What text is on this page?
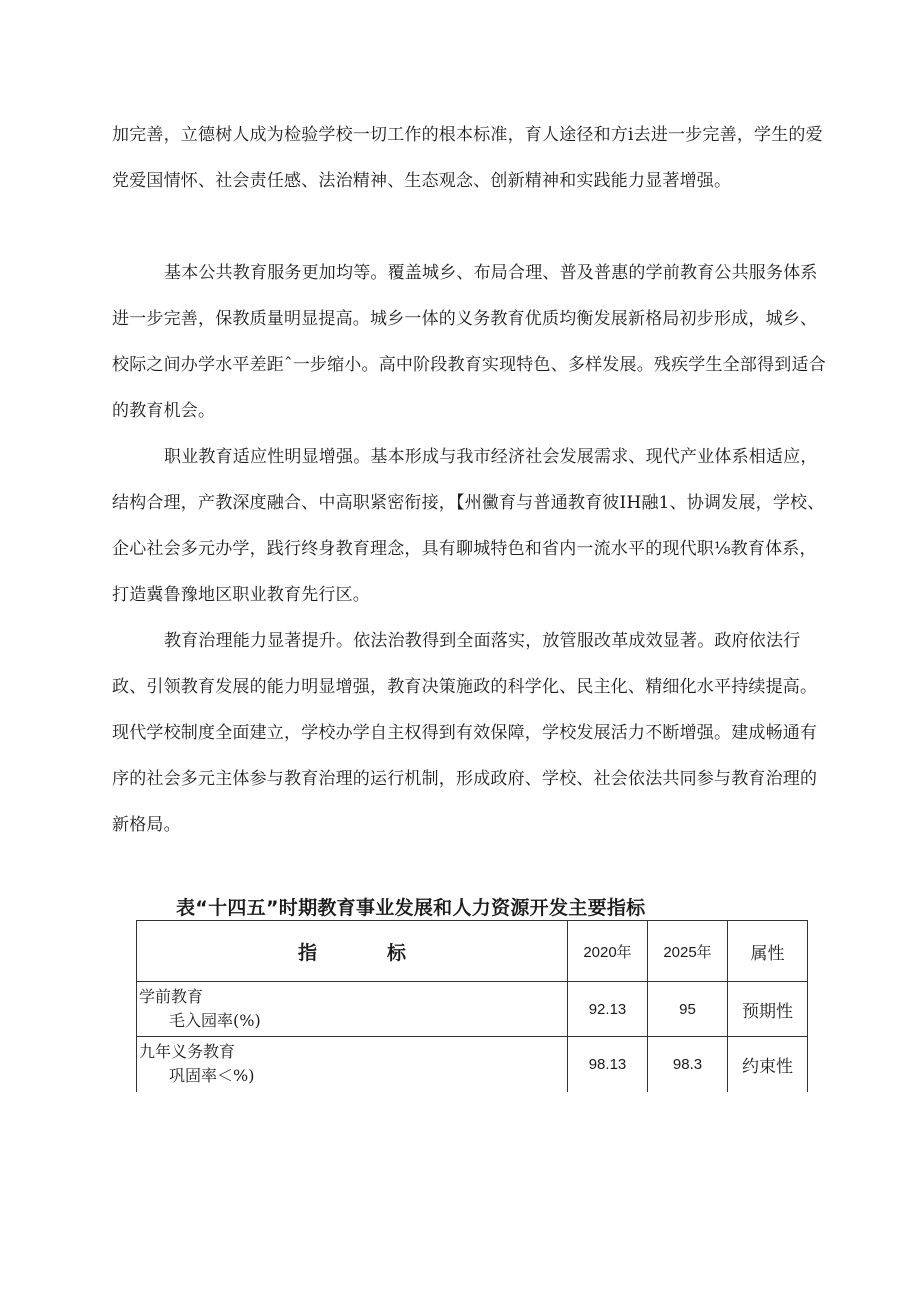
加完善，立德树人成为检验学校一切工作的根本标准，育人途径和方i去进一步完善，学生的爱党爱国情怀、社会责任感、法治精神、生态观念、创新精神和实践能力显著增强。

基本公共教育服务更加均等。覆盖城乡、布局合理、普及普惠的学前教育公共服务体系进一步完善，保教质量明显提高。城乡一体的义务教育优质均衡发展新格局初步形成，城乡、校际之间办学水平差距ˆ一步缩小。高中阶段教育实现特色、多样发展。残疾学生全部得到适合的教育机会。

职业教育适应性明显增强。基本形成与我市经济社会发展需求、现代产业体系相适应，结构合理，产教深度融合、中高职紧密衔接，【州黴育与普通教育彼IH融1、协调发展，学校、企心社会多元办学，践行终身教育理念，具有聊城特色和省内一流水平的现代职⅛教育体系，打造冀鲁豫地区职业教育先行区。

教育治理能力显著提升。依法治教得到全面落实，放管服改革成效显著。政府依法行政、引领教育发展的能力明显增强，教育决策施政的科学化、民主化、精细化水平持续提高。现代学校制度全面建立，学校办学自主权得到有效保障，学校发展活力不断增强。建成畅通有序的社会多元主体参与教育治理的运行机制，形成政府、学校、社会依法共同参与教育治理的新格局。

表“十四五”时期教育事业发展和人力资源开发主要指标

指 标	2020年	2025年	属性

学前教育
毛入园率(%)	92.13	95	预期性

九年义务教育
巩固率＜%)	98.13	98.3	约束性
